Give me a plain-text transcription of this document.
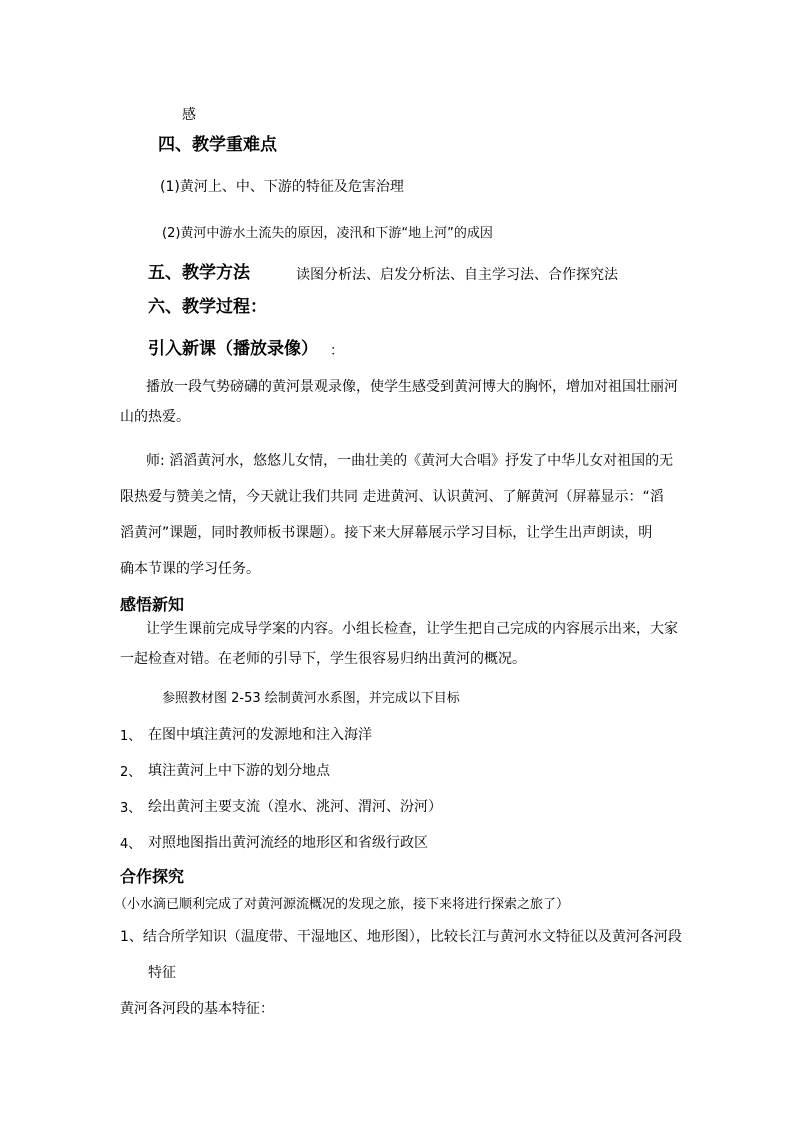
感
四、教学重难点
(1)黄河上、中、下游的特征及危害治理
(2)黄河中游水土流失的原因，凌汛和下游“地上河”的成因
五、教学方法	读图分析法、启发分析法、自主学习法、合作探究法
六、教学过程：
引入新课（播放录像） ：
播放一段气势磅礴的黄河景观录像，使学生感受到黄河博大的胸怀，增加对祖国壮丽河
山的热爱。
师: 滔滔黄河水，悠悠儿女情，一曲壮美的《黄河大合唱》抒发了中华儿女对祖国的无
限热爱与赞美之情，今天就让我们共同 走进黄河、认识黄河、了解黄河（屏幕显示：“滔
滔黄河”课题，同时教师板书课题）。接下来大屏幕展示学习目标，让学生出声朗读，明
确本节课的学习任务。
感悟新知
让学生课前完成导学案的内容。小组长检查，让学生把自己完成的内容展示出来，大家
一起检查对错。在老师的引导下，学生很容易归纳出黄河的概况。
参照教材图 2-53 绘制黄河水系图，并完成以下目标
1、 在图中填注黄河的发源地和注入海洋
2、 填注黄河上中下游的划分地点
3、 绘出黄河主要支流（湟水、洮河、渭河、汾河）
4、 对照地图指出黄河流经的地形区和省级行政区
合作探究
（小水滴已顺利完成了对黄河源流概况的发现之旅，接下来将进行探索之旅了）
1、结合所学知识（温度带、干湿地区、地形图），比较长江与黄河水文特征以及黄河各河段
特征
黄河各河段的基本特征：
